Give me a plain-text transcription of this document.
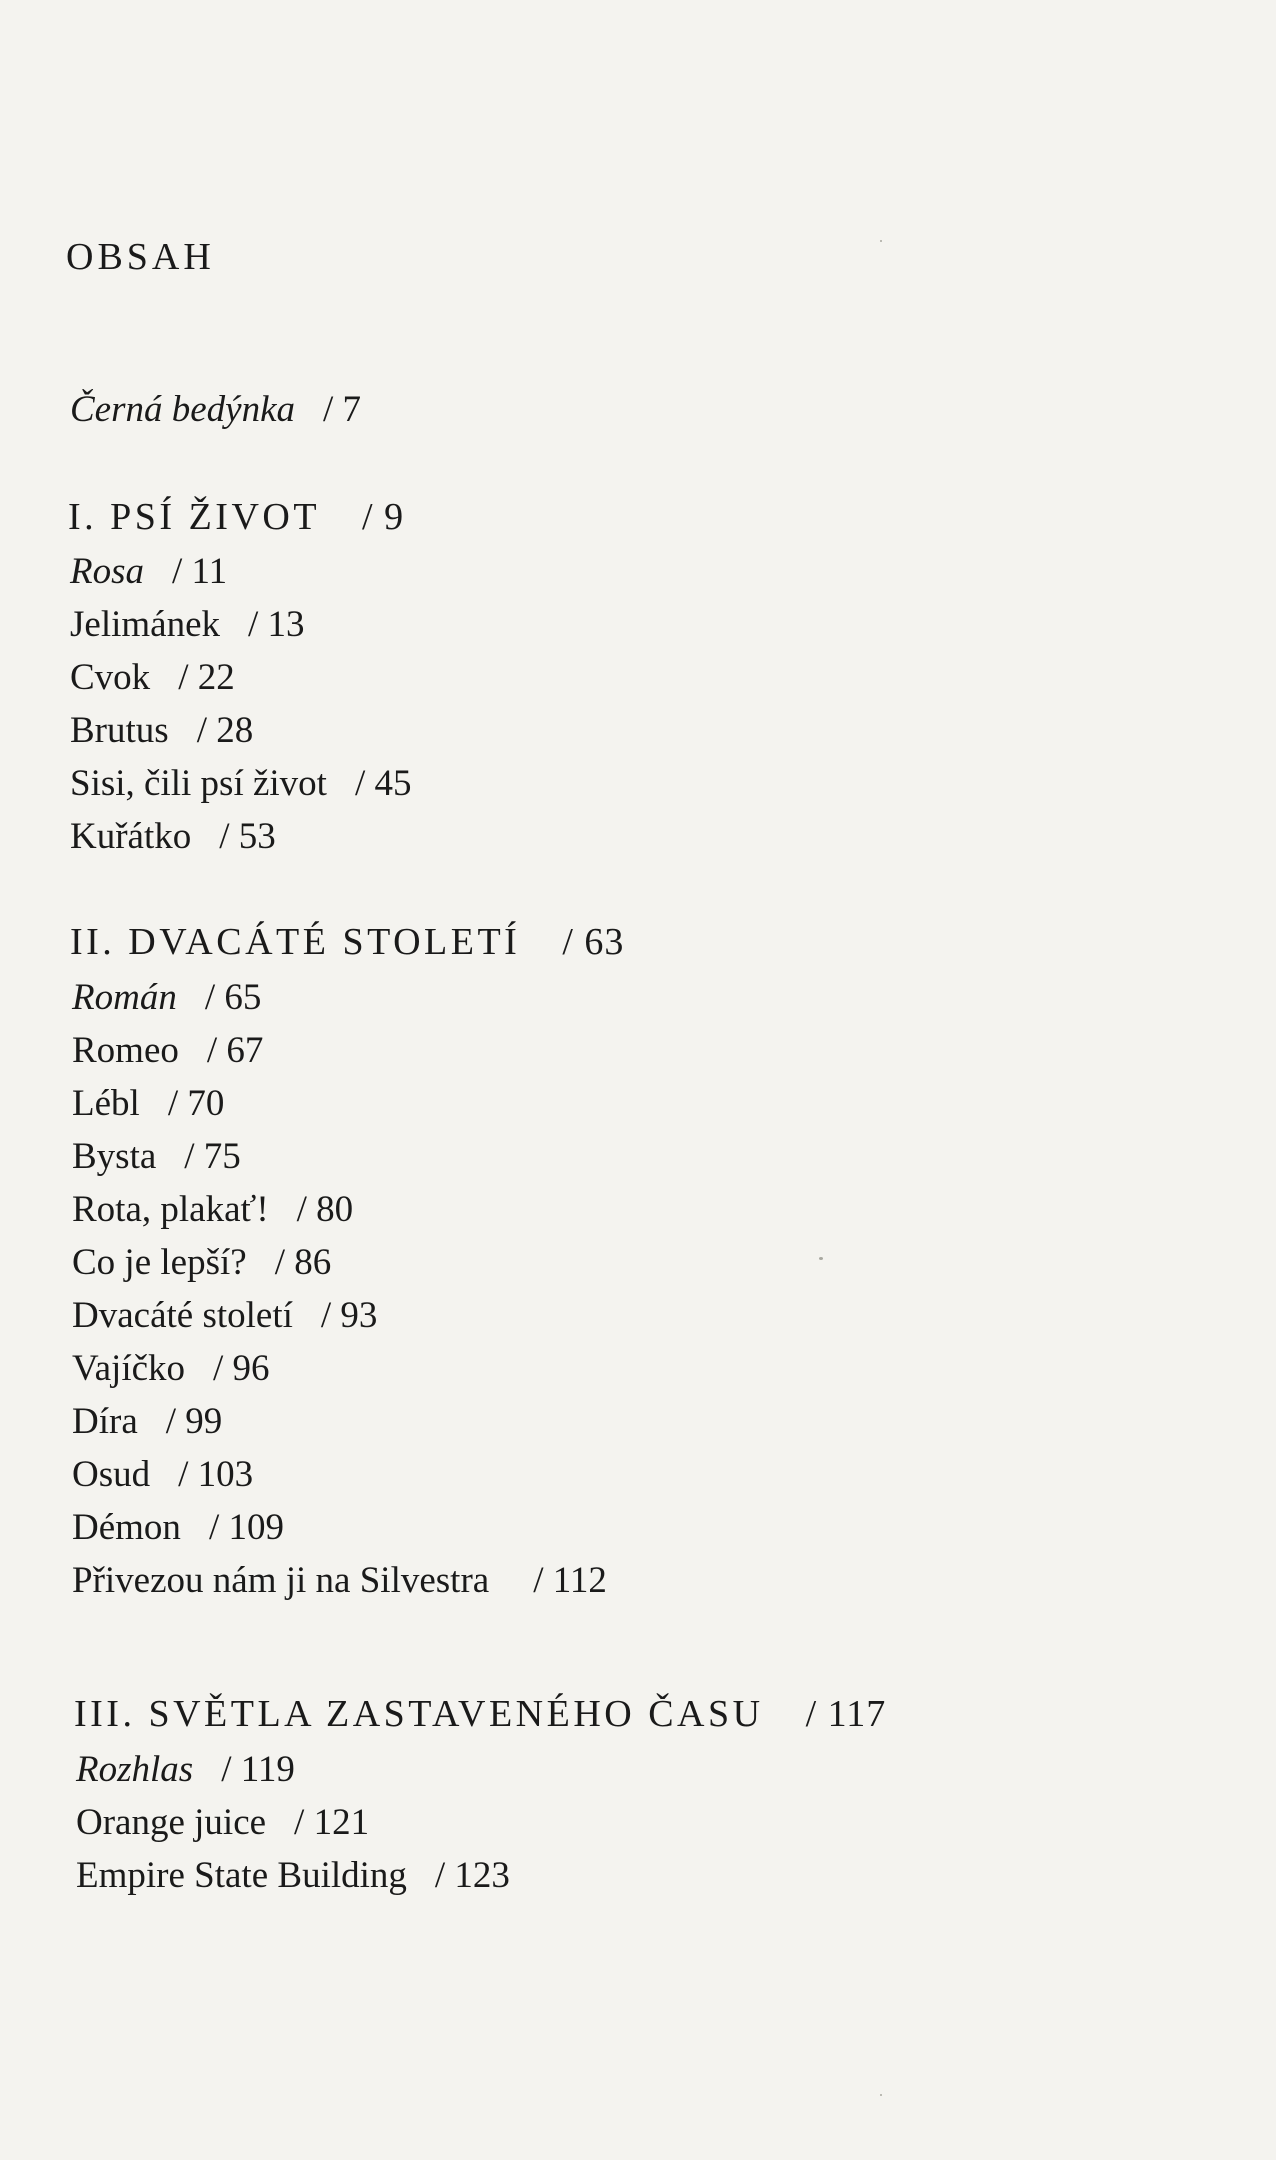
OBSAH
Černá bedýnka / 7
I. PSÍ ŽIVOT / 9
Rosa / 11
Jelimánek / 13
Cvok / 22
Brutus / 28
Sisi, čili psí život / 45
Kuřátko / 53
II. DVACÁTÉ STOLETÍ / 63
Román / 65
Romeo / 67
Lébl / 70
Bysta / 75
Rota, plakať! / 80
Co je lepší? / 86
Dvacáté století / 93
Vajíčko / 96
Díra / 99
Osud / 103
Démon / 109
Přivezou nám ji na Silvestra / 112
III. SVĚTLA ZASTAVENÉHO ČASU / 117
Rozhlas / 119
Orange juice / 121
Empire State Building / 123
